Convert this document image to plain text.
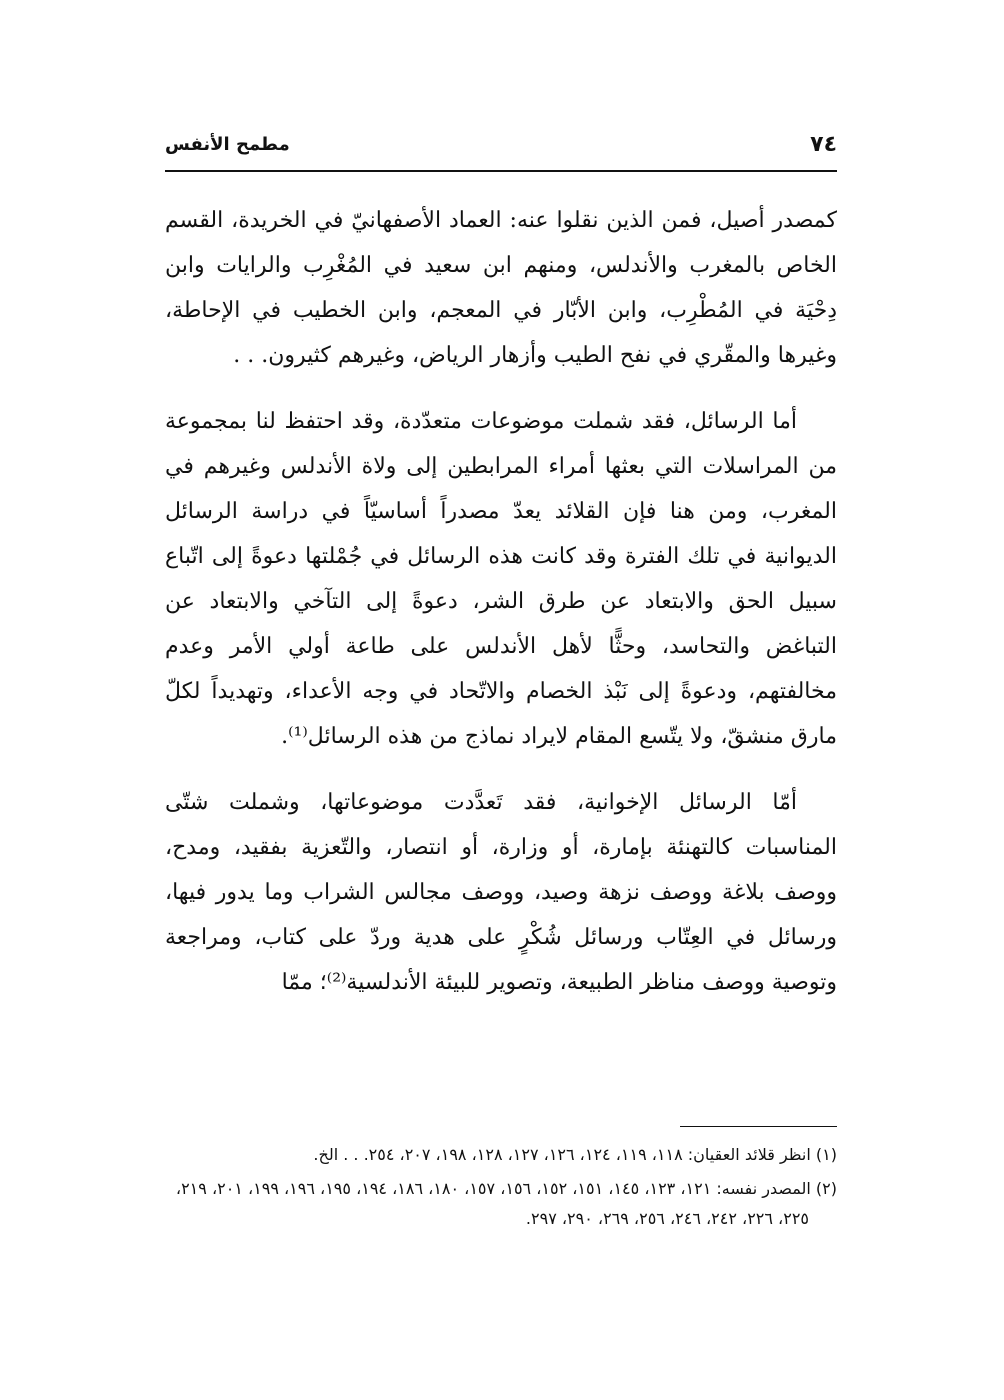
٧٤
مطمح الأنفس

كمصدر أصيل، فمن الذين نقلوا عنه: العماد الأصفهانيّ في الخريدة، القسم الخاص بالمغرب والأندلس، ومنهم ابن سعيد في المُغْرِب والرايات وابن دِحْيَة في المُطْرِب، وابن الأبّار في المعجم، وابن الخطيب في الإحاطة، وغيرها والمقّري في نفح الطيب وأزهار الرياض، وغيرهم كثيرون. . .

أما الرسائل، فقد شملت موضوعات متعدّدة، وقد احتفظ لنا بمجموعة من المراسلات التي بعثها أمراء المرابطين إلى ولاة الأندلس وغيرهم في المغرب، ومن هنا فإن القلائد يعدّ مصدراً أساسيّاً في دراسة الرسائل الديوانية في تلك الفترة وقد كانت هذه الرسائل في جُمْلتها دعوةً إلى اتّباع سبيل الحق والابتعاد عن طرق الشر، دعوةً إلى التآخي والابتعاد عن التباغض والتحاسد، وحثًّا لأهل الأندلس على طاعة أولي الأمر وعدم مخالفتهم، ودعوةً إلى نَبْذ الخصام والاتّحاد في وجه الأعداء، وتهديداً لكلّ مارق منشقّ، ولا يتّسع المقام لايراد نماذج من هذه الرسائل⁽¹⁾.

أمّا الرسائل الإخوانية، فقد تَعدَّدت موضوعاتها، وشملت شتّى المناسبات كالتهنئة بإمارة، أو وزارة، أو انتصار، والتّعزية بفقيد، ومدح، ووصف بلاغة ووصف نزهة وصيد، ووصف مجالس الشراب وما يدور فيها، ورسائل في العِتّاب ورسائل شُكْرٍ على هدية وردّ على كتاب، ومراجعة وتوصية ووصف مناظر الطبيعة، وتصوير للبيئة الأندلسية⁽²⁾؛ ممّا

(١) انظر قلائد العقيان: ١١٨، ١١٩، ١٢٤، ١٢٦، ١٢٧، ١٢٨، ١٩٨، ٢٠٧، ٢٥٤. . . الخ.

(٢) المصدر نفسه: ١٢١، ١٢٣، ١٤٥، ١٥١، ١٥٢، ١٥٦، ١٥٧، ١٨٠، ١٨٦، ١٩٤، ١٩٥، ١٩٦، ١٩٩، ٢٠١، ٢١٩، ٢٢٥، ٢٢٦، ٢٤٢، ٢٤٦، ٢٥٦، ٢٦٩، ٢٩٠، ٢٩٧.
